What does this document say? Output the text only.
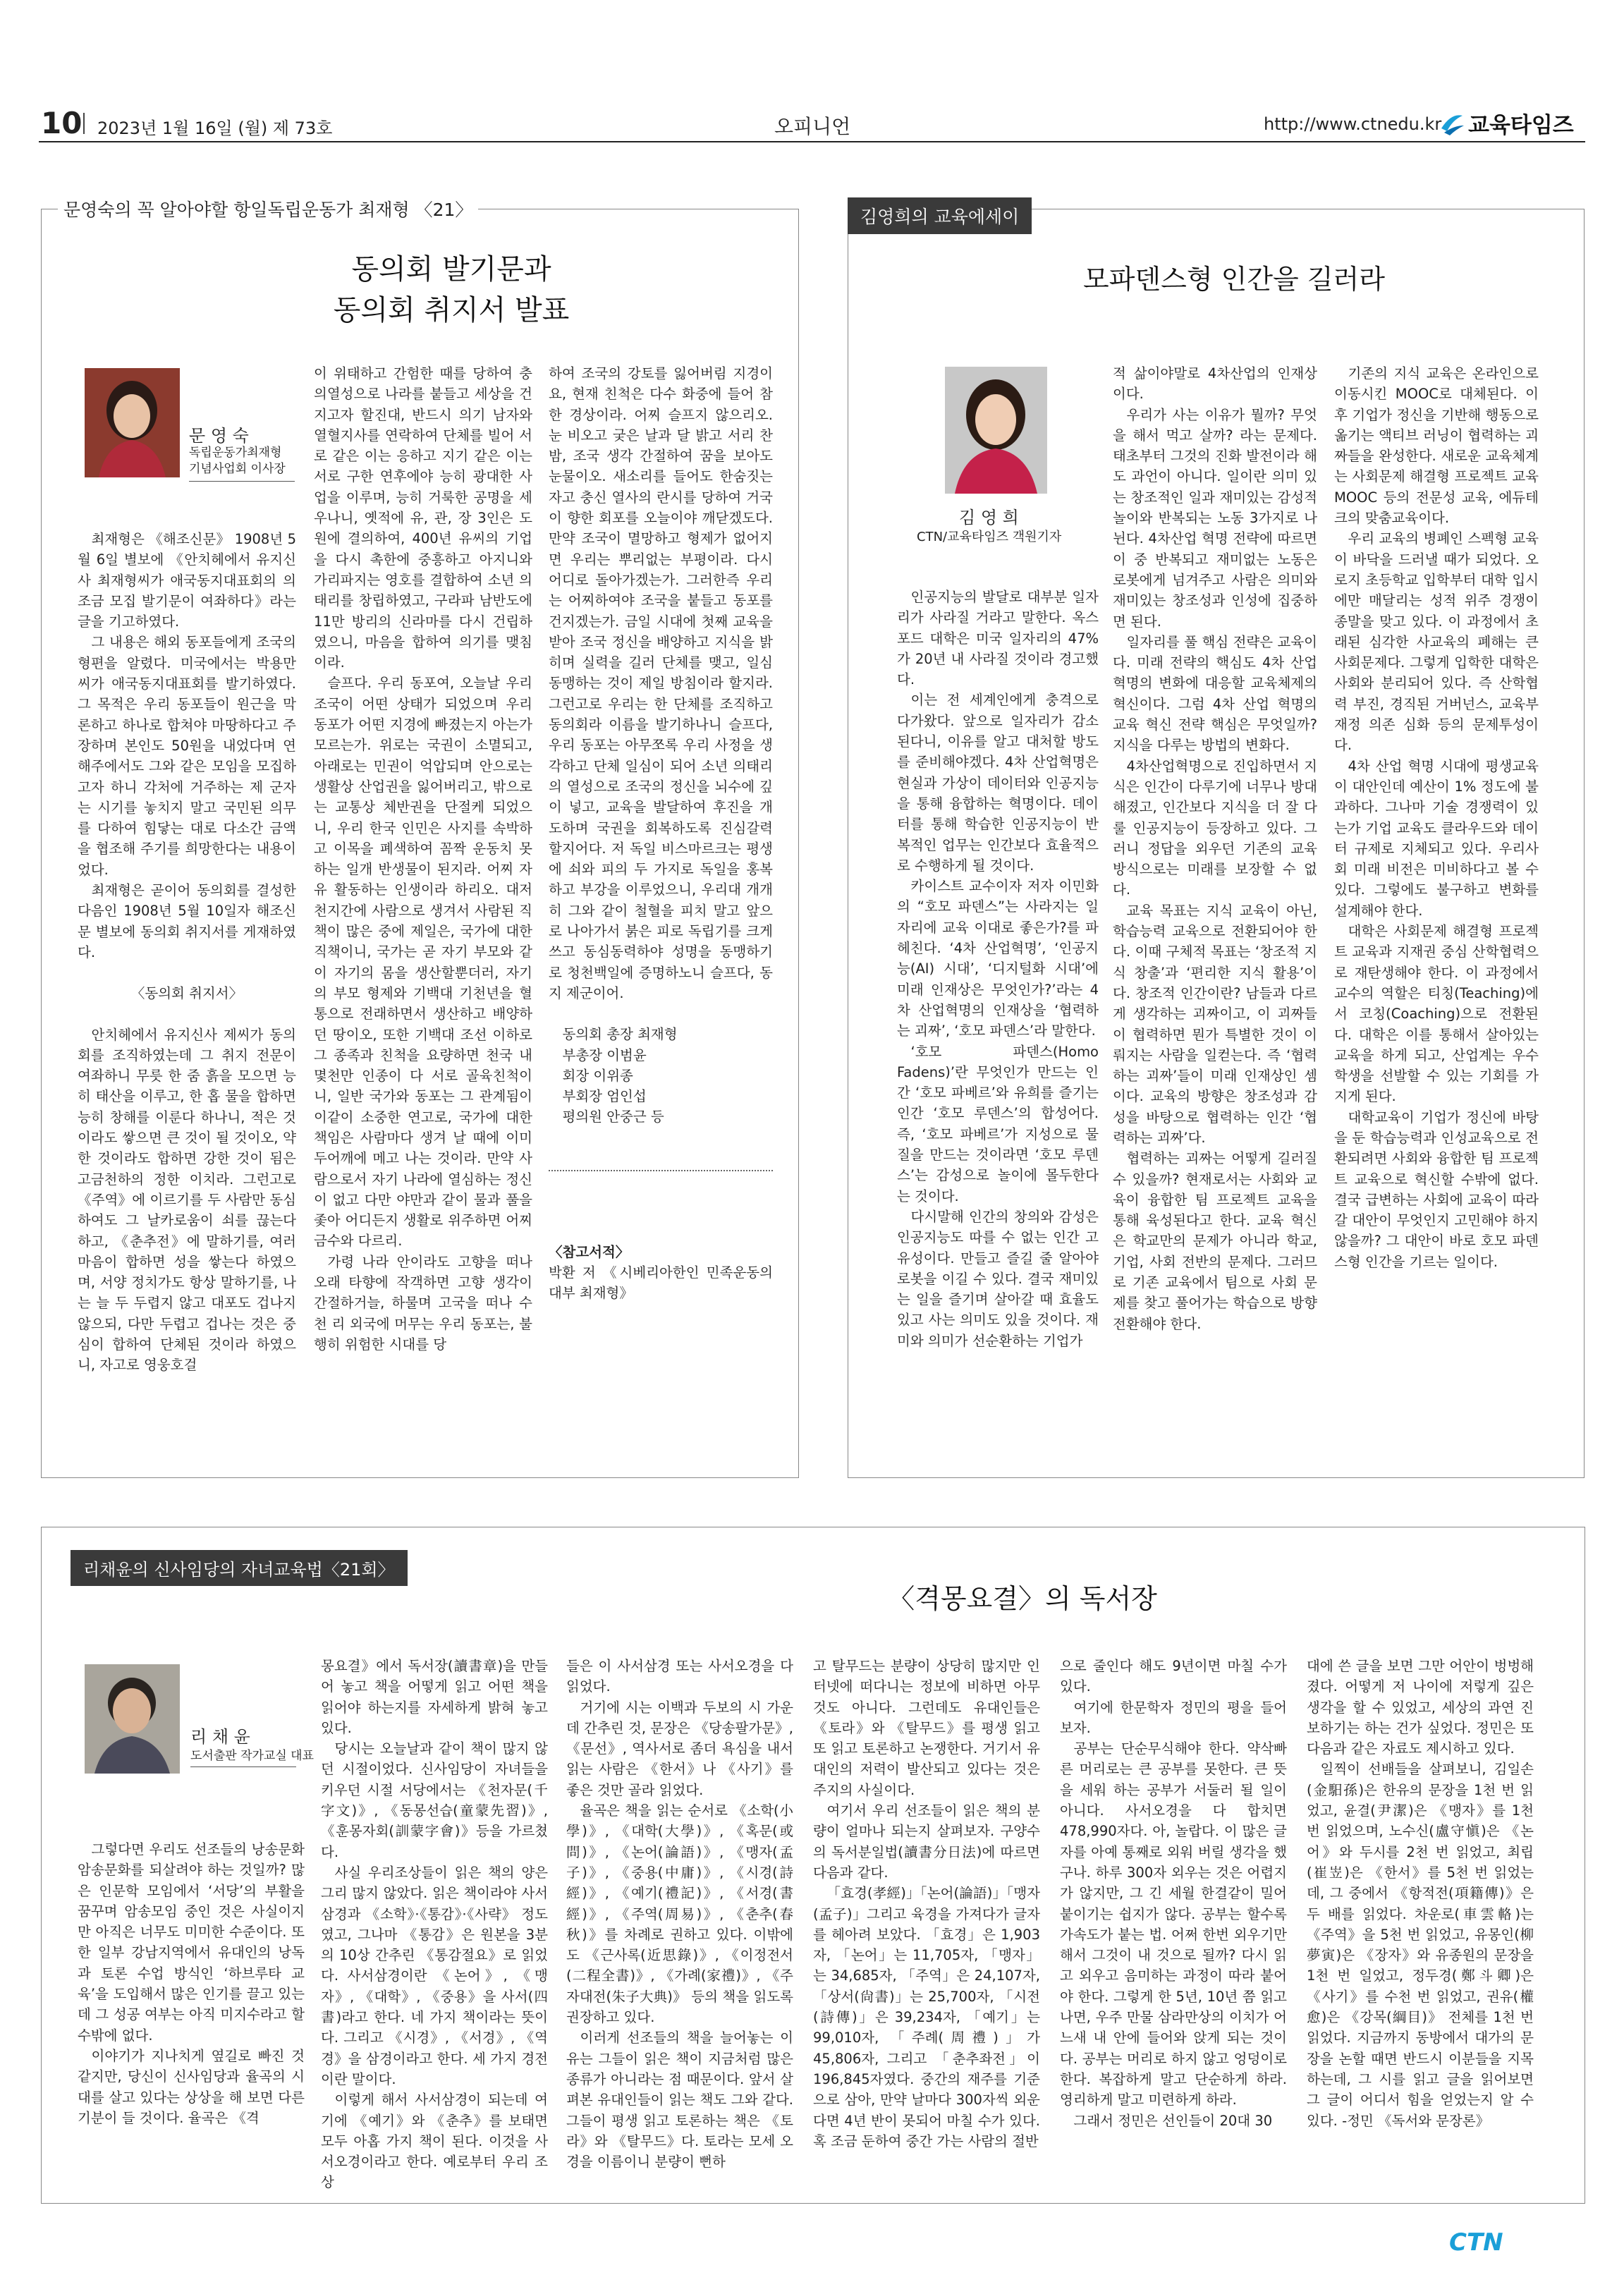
10 2023년 1월 16일 (월) 제 73호	오피니언	http://www.ctnedu.kr 교육타임즈
문영숙의 꼭 알아야할 항일독립운동가 최재형 〈21〉
동의회 발기문과
동의회 취지서 발표
문 영 숙
독립운동가최재형
기념사업회 이사장

최재형은 《해조신문》 1908년 5월 6일 별보에 《안치헤에서 유지신사 최재형씨가 애국동지대표회의 의조금 모집 발기문이 여좌하다》라는 글을 기고하였다.

그 내용은 해외 동포들에게 조국의 형편을 알렸다. 미국에서는 박용만 씨가 애국동지대표회를 발기하였다. 그 목적은 우리 동포들이 원근을 막론하고 하나로 합쳐야 마땅하다고 주장하며 본인도 50원을 내었다며 연해주에서도 그와 같은 모임을 모집하고자 하니 각처에 거주하는 제 군자는 시기를 놓치지 말고 국민된 의무를 다하여 힘닿는 대로 다소간 금액을 협조해 주기를 희망한다는 내용이었다.

최재형은 곧이어 동의회를 결성한 다음인 1908년 5월 10일자 해조신문 별보에 동의회 취지서를 게재하였다.

〈동의회 취지서〉

안치헤에서 유지신사 제씨가 동의회를 조직하였는데 그 취지 전문이 여좌하니 무릇 한 줌 흙을 모으면 능히 태산을 이루고, 한 홉 물을 합하면 능히 창해를 이룬다 하나니, 적은 것이라도 쌓으면 큰 것이 될 것이오, 약한 것이라도 합하면 강한 것이 됨은 고금천하의 정한 이치라. 그런고로 《주역》에 이르기를 두 사람만 동심하여도 그 날카로움이 쇠를 끊는다 하고, 《춘추전》에 말하기를, 여러 마음이 합하면 성을 쌓는다 하였으며, 서양 정치가도 항상 말하기를, 나는 늘 두 두렵지 않고 대포도 겁나지 않으되, 다만 두렵고 겁나는 것은 중심이 합하여 단체된 것이라 하였으니, 자고로 영웅호걸

이 위태하고 간험한 때를 당하여 충의열성으로 나라를 붙들고 세상을 건지고자 할진대, 반드시 의기 남자와 열혈지사를 연락하여 단체를 빌어 서로 같은 이는 응하고 지기 같은 이는 서로 구한 연후에야 능히 광대한 사업을 이루며, 능히 거룩한 공명을 세우나니, 옛적에 유, 관, 장 3인은 도원에 결의하여, 400년 유씨의 기업을 다시 촉한에 중흥하고 아지니와 가리파지는 영호를 결합하여 소년 의태리를 창립하였고, 구라파 남반도에 11만 방리의 신라마를 다시 건립하였으니, 마음을 합하여 의기를 맺침이라.

슬프다. 우리 동포여, 오늘날 우리 조국이 어떤 상태가 되었으며 우리 동포가 어떤 지경에 빠졌는지 아는가 모르는가. 위로는 국권이 소멸되고, 아래로는 민권이 억압되며 안으로는 생활상 산업권을 잃어버리고, 밖으로는 교통상 체반권을 단절케 되었으니, 우리 한국 인민은 사지를 속박하고 이목을 폐색하여 꼼짝 운동치 못하는 일개 반생물이 된지라. 어찌 자유 활동하는 인생이라 하리오. 대저 천지간에 사람으로 생겨서 사람된 직책이 많은 중에 제일은, 국가에 대한 직책이니, 국가는 곧 자기 부모와 같이 자기의 몸을 생산할뿐더러, 자기의 부모 형제와 기백대 기천년을 혈통으로 전래하면서 생산하고 배양하던 땅이오, 또한 기백대 조선 이하로 그 종족과 친척을 요량하면 천국 내 몇천만 인종이 다 서로 골육친척이니, 일반 국가와 동포는 그 관계됨이 이같이 소중한 연고로, 국가에 대한 책임은 사람마다 생겨 날 때에 이미 두어깨에 메고 나는 것이라. 만약 사람으로서 자기 나라에 열심하는 정신이 없고 다만 야만과 같이 물과 풀을 좇아 어디든지 생활로 위주하면 어찌 금수와 다르리.

가령 나라 안이라도 고향을 떠나 오래 타향에 작객하면 고향 생각이 간절하거늘, 하물며 고국을 떠나 수천 리 외국에 머무는 우리 동포는, 불행히 위험한 시대를 당

하여 조국의 강토를 잃어버림 지경이요, 현재 친척은 다수 화중에 들어 참한 경상이라. 어찌 슬프지 않으리오. 눈 비오고 궂은 날과 달 밝고 서리 찬 밤, 조국 생각 간절하여 꿈을 보아도 눈물이오. 새소리를 들어도 한숨짓는 자고 충신 열사의 란시를 당하여 거국이 향한 회포를 오늘이야 깨닫겠도다. 만약 조국이 멸망하고 형제가 없어지면 우리는 뿌리없는 부평이라. 다시 어디로 돌아가겠는가. 그러한즉 우리는 어찌하여야 조국을 붙들고 동포를 건지겠는가. 금일 시대에 첫째 교육을 받아 조국 정신을 배양하고 지식을 밝히며 실력을 길러 단체를 맺고, 일심동맹하는 것이 제일 방침이라 할지라. 그런고로 우리는 한 단체를 조직하고 동의회라 이름을 발기하나니 슬프다, 우리 동포는 아무쪼록 우리 사정을 생각하고 단체 일심이 되어 소년 의태리의 열성으로 조국의 정신을 뇌수에 깊이 넣고, 교육을 발달하여 후진을 개도하며 국권을 회복하도록 진심갈력 할지어다. 저 독일 비스마르크는 평생에 쇠와 피의 두 가지로 독일을 홍복하고 부강을 이루었으니, 우리대 개개히 그와 같이 철혈을 피치 말고 앞으로 나아가서 붉은 피로 독립기를 크게 쓰고 동심동력하야 성명을 동맹하기로 청천백일에 증명하노니 슬프다, 동지 제군이어.

동의회 총장 최재형

부총장 이범윤

회장 이위종

부회장 엄인섭

평의원 안중근 등

〈참고서적〉

박환 저 《시베리아한인 민족운동의 대부 최재형》

김영희의 교육에세이
모파덴스형 인간을 길러라
김 영 희
CTN/교육타임즈 객원기자

인공지능의 발달로 대부분 일자리가 사라질 거라고 말한다. 옥스포드 대학은 미국 일자리의 47%가 20년 내 사라질 것이라 경고했다.

이는 전 세계인에게 충격으로 다가왔다. 앞으로 일자리가 감소된다니, 이유를 알고 대처할 방도를 준비해야겠다. 4차 산업혁명은 현실과 가상이 데이터와 인공지능을 통해 융합하는 혁명이다. 데이터를 통해 학습한 인공지능이 반복적인 업무는 인간보다 효율적으로 수행하게 될 것이다.

카이스트 교수이자 저자 이민화의 “호모 파덴스”는 사라지는 일자리에 교육 이대로 좋은가?를 파헤친다. ‘4차 산업혁명’, ‘인공지능(AI) 시대’, ‘디지털화 시대’에 미래 인재상은 무엇인가?’라는 4차 산업혁명의 인재상을 ‘협력하는 괴짜’, ‘호모 파덴스’라 말한다.

‘호모 파덴스(Homo Fadens)’란 무엇인가 만드는 인간 ‘호모 파베르’와 유희를 즐기는 인간 ‘호모 루덴스’의 합성어다. 즉, ‘호모 파베르’가 지성으로 물질을 만드는 것이라면 ‘호모 루덴스’는 감성으로 놀이에 몰두한다는 것이다.

다시말해 인간의 창의와 감성은 인공지능도 따를 수 없는 인간 고유성이다. 만들고 즐길 줄 알아야 로봇을 이길 수 있다. 결국 재미있는 일을 즐기며 살아갈 때 효율도 있고 사는 의미도 있을 것이다. 재미와 의미가 선순환하는 기업가

적 삶이야말로 4차산업의 인재상이다.

우리가 사는 이유가 뭘까? 무엇을 해서 먹고 살까? 라는 문제다. 태초부터 그것의 진화 발전이라 해도 과언이 아니다. 일이란 의미 있는 창조적인 일과 재미있는 감성적 놀이와 반복되는 노동 3가지로 나뉜다. 4차산업 혁명 전략에 따르면 이 중 반복되고 재미없는 노동은 로봇에게 넘겨주고 사람은 의미와 재미있는 창조성과 인성에 집중하면 된다.

일자리를 풀 핵심 전략은 교육이다. 미래 전략의 핵심도 4차 산업혁명의 변화에 대응할 교육체제의 혁신이다. 그럼 4차 산업 혁명의 교육 혁신 전략 핵심은 무엇일까? 지식을 다루는 방법의 변화다.

4차산업혁명으로 진입하면서 지식은 인간이 다루기에 너무나 방대해졌고, 인간보다 지식을 더 잘 다룰 인공지능이 등장하고 있다. 그러니 정답을 외우던 기존의 교육 방식으로는 미래를 보장할 수 없다.

교육 목표는 지식 교육이 아닌, 학습능력 교육으로 전환되어야 한다. 이때 구체적 목표는 ‘창조적 지식 창출’과 ‘편리한 지식 활용’이다. 창조적 인간이란? 남들과 다르게 생각하는 괴짜이고, 이 괴짜들이 협력하면 뭔가 특별한 것이 이뤄지는 사람을 일컫는다. 즉 ‘협력하는 괴짜’들이 미래 인재상인 셈이다. 교육의 방향은 창조성과 감성을 바탕으로 협력하는 인간 ‘협력하는 괴짜’다.

협력하는 괴짜는 어떻게 길러질 수 있을까? 현재로서는 사회와 교육이 융합한 팀 프로젝트 교육을 통해 육성된다고 한다. 교육 혁신은 학교만의 문제가 아니라 학교, 기업, 사회 전반의 문제다. 그러므로 기존 교육에서 팀으로 사회 문제를 찾고 풀어가는 학습으로 방향 전환해야 한다.

기존의 지식 교육은 온라인으로 이동시킨 MOOC로 대체된다. 이 후 기업가 정신을 기반해 행동으로 옮기는 액티브 러닝이 협력하는 괴짜들을 완성한다. 새로운 교육체계는 사회문제 해결형 프로젝트 교육 MOOC 등의 전문성 교육, 에듀테크의 맞춤교육이다.

우리 교육의 병폐인 스펙형 교육이 바닥을 드러낼 때가 되었다. 오로지 초등학교 입학부터 대학 입시에만 매달리는 성적 위주 경쟁이 종말을 맞고 있다. 이 과정에서 초래된 심각한 사교육의 폐해는 큰 사회문제다. 그렇게 입학한 대학은 사회와 분리되어 있다. 즉 산학협력 부진, 경직된 거버넌스, 교육부 재정 의존 심화 등의 문제투성이다.

4차 산업 혁명 시대에 평생교육이 대안인데 예산이 1% 정도에 불과하다. 그나마 기술 경쟁력이 있는가 기업 교육도 클라우드와 데이터 규제로 지체되고 있다. 우리사회 미래 비전은 미비하다고 볼 수 있다. 그렇에도 불구하고 변화를 설계해야 한다.

대학은 사회문제 해결형 프로젝트 교육과 지재권 중심 산학협력으로 재탄생해야 한다. 이 과정에서 교수의 역할은 티칭(Teaching)에서 코칭(Coaching)으로 전환된다. 대학은 이를 통해서 살아있는 교육을 하게 되고, 산업계는 우수 학생을 선발할 수 있는 기회를 가지게 된다.

대학교육이 기업가 정신에 바탕을 둔 학습능력과 인성교육으로 전환되려면 사회와 융합한 팀 프로젝트 교육으로 혁신할 수밖에 없다. 결국 급변하는 사회에 교육이 따라갈 대안이 무엇인지 고민해야 하지 않을까? 그 대안이 바로 호모 파덴스형 인간을 기르는 일이다.

리채윤의 신사임당의 자녀교육법〈21회〉
〈격몽요결〉의 독서장
리 채 윤
도서출판 작가교실 대표

그렇다면 우리도 선조들의 낭송문화 암송문화를 되살려야 하는 것일까? 많은 인문학 모임에서 ‘서당’의 부활을 꿈꾸며 암송모임 중인 것은 사실이지만 아직은 너무도 미미한 수준이다. 또한 일부 강남지역에서 유대인의 낭독과 토론 수업 방식인 ‘하브루타 교육’을 도입해서 많은 인기를 끌고 있는데 그 성공 여부는 아직 미지수라고 할 수밖에 없다.

이야기가 지나치게 옆길로 빠진 것 같지만, 당신이 신사임당과 율곡의 시대를 살고 있다는 상상을 해 보면 다른 기분이 들 것이다. 율곡은 《격

몽요결》에서 독서장(讀書章)을 만들어 놓고 책을 어떻게 읽고 어떤 책을 읽어야 하는지를 자세하게 밝혀 놓고 있다.

당시는 오늘날과 같이 책이 많지 않던 시절이었다. 신사임당이 자녀들을 키우던 시절 서당에서는 《천자문(千字文)》, 《동몽선습(童蒙先習)》, 《훈몽자회(訓蒙字會)》등을 가르쳤다.

사실 우리조상들이 읽은 책의 양은 그리 많지 않았다. 읽은 책이라야 사서삼경과 《소학》·《통감》·《사략》 정도였고, 그나마 《통감》은 원본을 3분의 10상 간추린 《통감절요》로 읽었다. 사서삼경이란 《논어》, 《맹자》, 《대학》, 《중용》을 사서(四書)라고 한다. 네 가지 책이라는 뜻이다. 그리고 《시경》, 《서경》, 《역경》을 삼경이라고 한다. 세 가지 경전이란 말이다.

이렇게 해서 사서삼경이 되는데 여기에 《예기》와 《춘추》를 보태면 모두 아홉 가지 책이 된다. 이것을 사서오경이라고 한다. 예로부터 우리 조상

들은 이 사서삼경 또는 사서오경을 다 읽었다.

거기에 시는 이백과 두보의 시 가운데 간추린 것, 문장은 《당송팔가문》, 《문선》, 역사서로 좀더 욕심을 내서 읽는 사람은 《한서》나 《사기》를 좋은 것만 골라 읽었다.

율곡은 책을 읽는 순서로 《소학(小學)》, 《대학(大學)》, 《혹문(或問)》, 《논어(論語)》, 《맹자(孟子)》, 《중용(中庸)》, 《시경(詩經)》, 《예기(禮記)》, 《서경(書經)》, 《주역(周易)》, 《춘추(春秋)》를 차례로 권하고 있다. 이밖에도 《근사록(近思錄)》, 《이정전서(二程全書)》, 《가례(家禮)》, 《주자대전(朱子大典)》 등의 책을 읽도록 권장하고 있다.

이러게 선조들의 책을 늘어놓는 이유는 그들이 읽은 책이 지금처럼 많은 종류가 아니라는 점 때문이다. 앞서 살펴본 유대인들이 읽는 책도 그와 같다. 그들이 평생 읽고 토론하는 책은 《토라》와 《탈무드》다. 토라는 모세 오경을 이름이니 분량이 뻔하

고 탈무드는 분량이 상당히 많지만 인터넷에 떠다니는 정보에 비하면 아무 것도 아니다. 그런데도 유대인들은 《토라》와 《탈무드》를 평생 읽고 또 읽고 토론하고 논쟁한다. 거기서 유대인의 저력이 발산되고 있다는 것은 주지의 사실이다.

여기서 우리 선조들이 읽은 책의 분량이 얼마나 되는지 살펴보자. 구양수의 독서분일법(讀書分日法)에 따르면 다음과 같다.

「효경(孝經)」「논어(論語)」「맹자(孟子)」그리고 육경을 가져다가 글자를 헤아려 보았다. 「효경」은 1,903자, 「논어」는 11,705자, 「맹자」는 34,685자, 「주역」은 24,107자, 「상서(尙書)」는 25,700자, 「시전(詩傳)」은 39,234자, 「예기」는 99,010자, 「주례(周禮)」가 45,806자, 그리고 「춘추좌전」이 196,845자였다. 중간의 재주를 기준으로 삼아, 만약 날마다 300자씩 외운다면 4년 반이 못되어 마칠 수가 있다. 혹 조금 둔하여 중간 가는 사람의 절반

으로 줄인다 해도 9년이면 마칠 수가 있다.

여기에 한문학자 정민의 평을 들어보자.

공부는 단순무식해야 한다. 약삭빠른 머리로는 큰 공부를 못한다. 큰 뜻을 세워 하는 공부가 서둘러 될 일이 아니다. 사서오경을 다 합치면 478,990자다. 아, 놀랍다. 이 많은 글자를 아예 통째로 외워 버릴 생각을 했구나. 하루 300자 외우는 것은 어렵지가 않지만, 그 긴 세월 한결같이 밀어 붙이기는 쉽지가 않다. 공부는 할수록 가속도가 붙는 법. 어쩌 한번 외우기만 해서 그것이 내 것으로 될까? 다시 읽고 외우고 음미하는 과정이 따라 붙어야 한다. 그렇게 한 5년, 10년 쯤 읽고 나면, 우주 만물 삼라만상의 이치가 어느새 내 안에 들어와 앉게 되는 것이다. 공부는 머리로 하지 않고 엉덩이로 한다. 복잡하게 말고 단순하게 하라. 영리하게 말고 미련하게 하라.

그래서 정민은 선인들이 20대 30

대에 쓴 글을 보면 그만 어안이 벙벙해졌다. 어떻게 저 나이에 저렇게 깊은 생각을 할 수 있었고, 세상의 과연 진보하기는 하는 건가 싶었다. 정민은 또 다음과 같은 자료도 제시하고 있다.

일찍이 선배들을 살펴보니, 김일손(金馹孫)은 한유의 문장을 1천 번 읽었고, 윤결(尹潔)은 《맹자》를 1천 번 읽었으며, 노수신(盧守愼)은 《논어》와 두시를 2천 번 읽었고, 최립(崔岦)은 《한서》를 5천 번 읽었는데, 그 중에서 《항적전(項籍傳)》은 두 배를 읽었다. 차운로(車雲輅)는 《주역》을 5천 번 읽었고, 유몽인(柳夢寅)은 《장자》와 유종원의 문장을 1천 번 일었고, 정두경(鄭斗卿)은 《사기》를 수천 번 읽었고, 권유(權愈)은 《강목(綱目)》 전체를 1천 번 읽었다. 지금까지 동방에서 대가의 문장을 논할 때면 반드시 이분들을 지목하는데, 그 시를 읽고 글을 읽어보면 그 글이 어디서 힘을 얻었는지 알 수 있다. -정민 《독서와 문장론》

CTN
